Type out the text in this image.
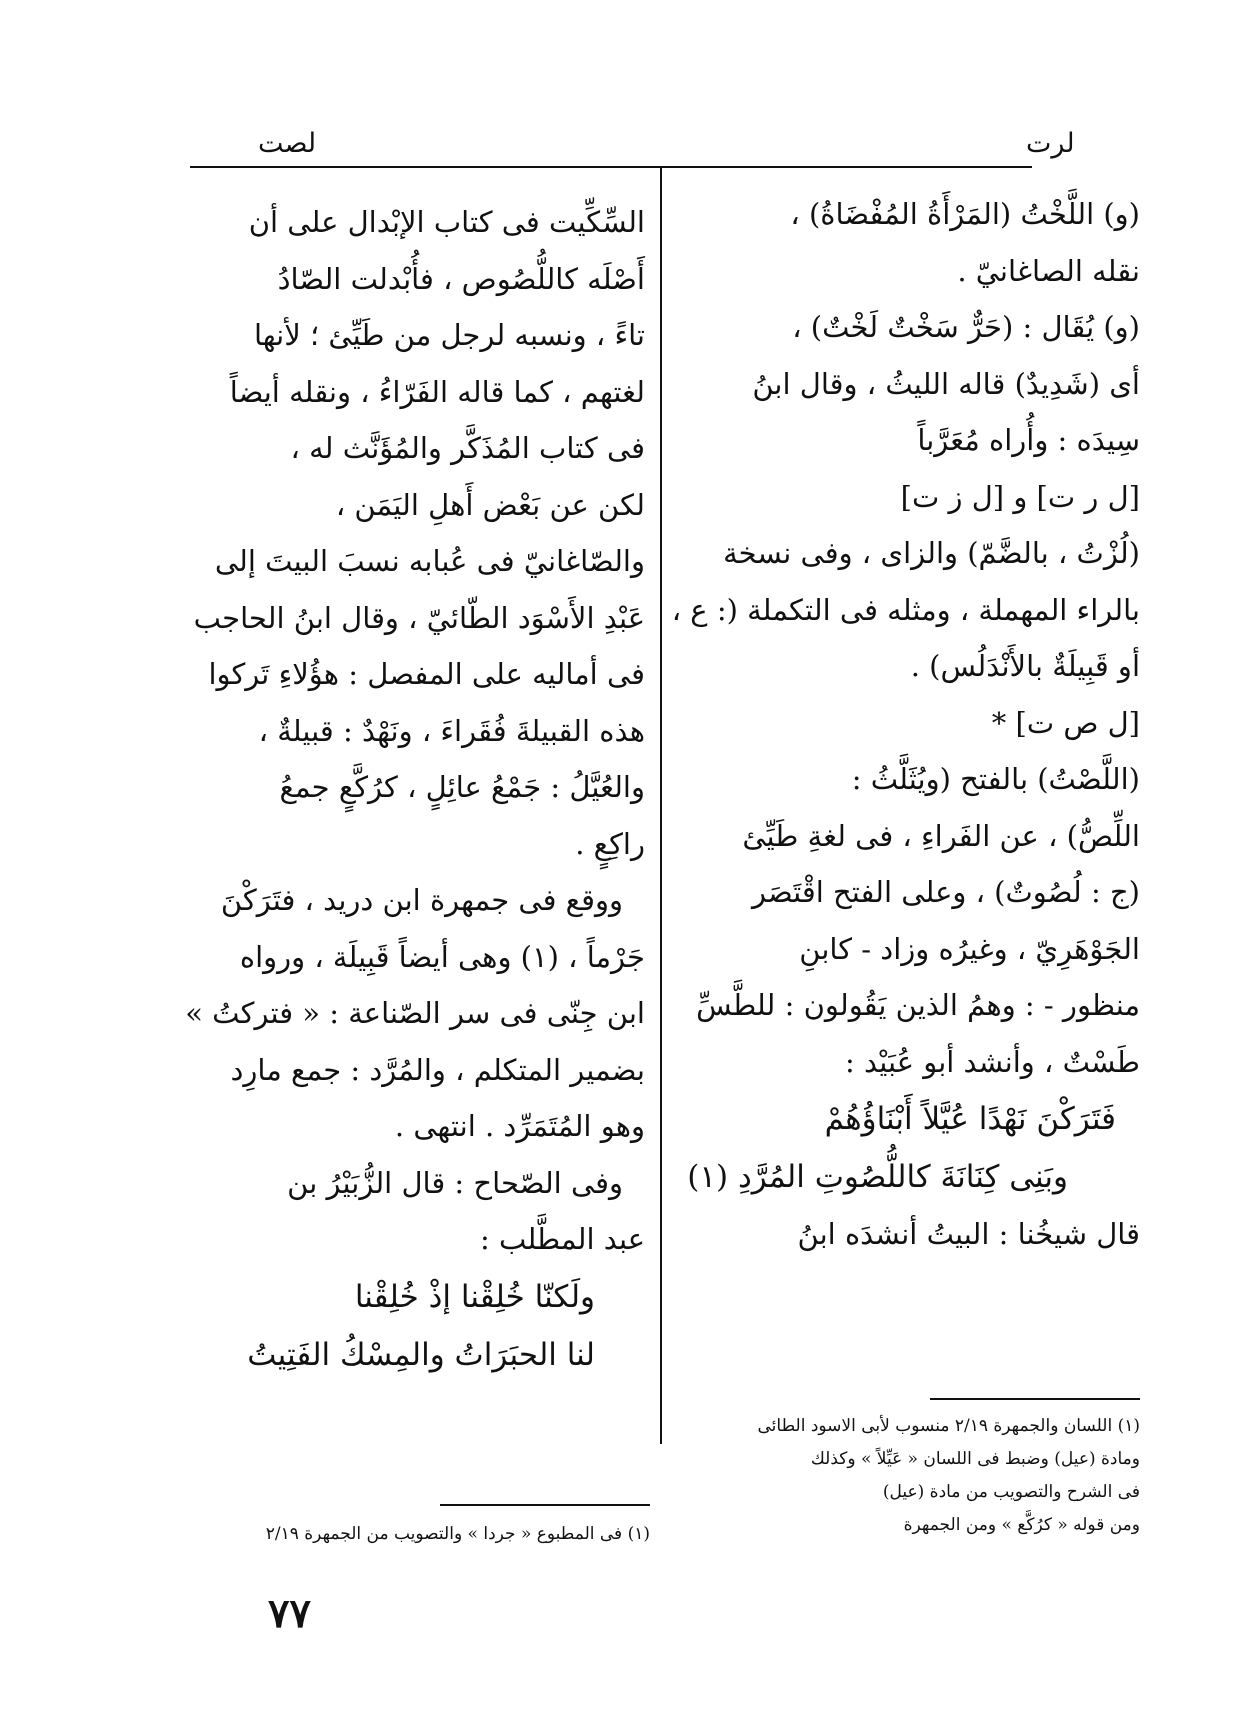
لرت
لصت

(و) اللَّخْتُ (المَرْأَةُ المُفْضَاةُ) ،

نقله الصاغانيّ .

(و) يُقَال : (حَرٌّ سَخْتٌ لَخْتٌ) ،

أى (شَدِيدٌ) قاله الليثُ ، وقال ابنُ

سِيدَه : وأُراه مُعَرَّباً

[ل ر ت] و [ل ز ت]

(لُزْتُ ، بالضَّمّ) والزاى ، وفى نسخة

بالراء المهملة ، ومثله فى التكملة (: ع ،

أو قَبِيلَةٌ بالأَنْدَلُس) .

[ل ص ت] *

(اللَّصْتُ) بالفتح (ويُثَلَّثُ :

اللِّصُّ) ، عن الفَراءِ ، فى لغةِ طَيِّئ

(ج : لُصُوتٌ) ، وعلى الفتح اقْتَصَر

الجَوْهَرِيّ ، وغيرُه وزاد - كابنِ

منظور - : وهمُ الذين يَقُولون : للطَّسِّ

طَسْتٌ ، وأنشد أبو عُبَيْد :

فَتَرَكْنَ نَهْدًا عُيَّلاً أَبْنَاؤُهُمْ

وبَنِى كِنَانَةَ كاللُّصُوتِ المُرَّدِ (١)

قال شيخُنا : البيتُ أنشدَه ابنُ

السِّكِّيت فى كتاب الإبْدال على أن

أَصْلَه كاللُّصُوص ، فأُبْدلت الصّادُ

تاءً ، ونسبه لرجل من طَيِّئ ؛ لأنها

لغتهم ، كما قاله الفَرّاءُ ، ونقله أيضاً

فى كتاب المُذَكَّر والمُؤَنَّث له ،

لكن عن بَعْض أَهلِ اليَمَن ،

والصّاغانيّ فى عُبابه نسبَ البيتَ إلى

عَبْدِ الأَسْوَد الطّائيّ ، وقال ابنُ الحاجب

فى أماليه على المفصل : هؤُلاءِ تَركوا

هذه القبيلةَ فُقَراءَ ، ونَهْدٌ : قبيلةٌ ،

والعُيَّلُ : جَمْعُ عائِلٍ ، كرُكَّعٍ جمعُ

راكِعٍ .

ووقع فى جمهرة ابن دريد ، فتَرَكْنَ

جَرْماً ، (١) وهى أيضاً قَبِيلَة ، ورواه

ابن جِنّى فى سر الصّناعة : « فتركتُ »

بضمير المتكلم ، والمُرَّد : جمع مارِد

وهو المُتَمَرِّد . انتهى .

وفى الصّحاح : قال الزُّبَيْرُ بن

عبد المطَّلب :

ولَكنّا خُلِقْنا إذْ خُلِقْنا

لنا الحبَرَاتُ والمِسْكُ الفَتِيتُ

(١) اللسان والجمهرة ٢/١٩ منسوب لأبى الاسود الطائى
ومادة (عيل) وضبط فى اللسان « عَيِّلاً » وكذلك
فى الشرح والتصويب من مادة (عيل)
ومن قوله « كرُكَّع » ومن الجمهرة
(١) فى المطبوع « جردا » والتصويب من الجمهرة ٢/١٩
٧٧
